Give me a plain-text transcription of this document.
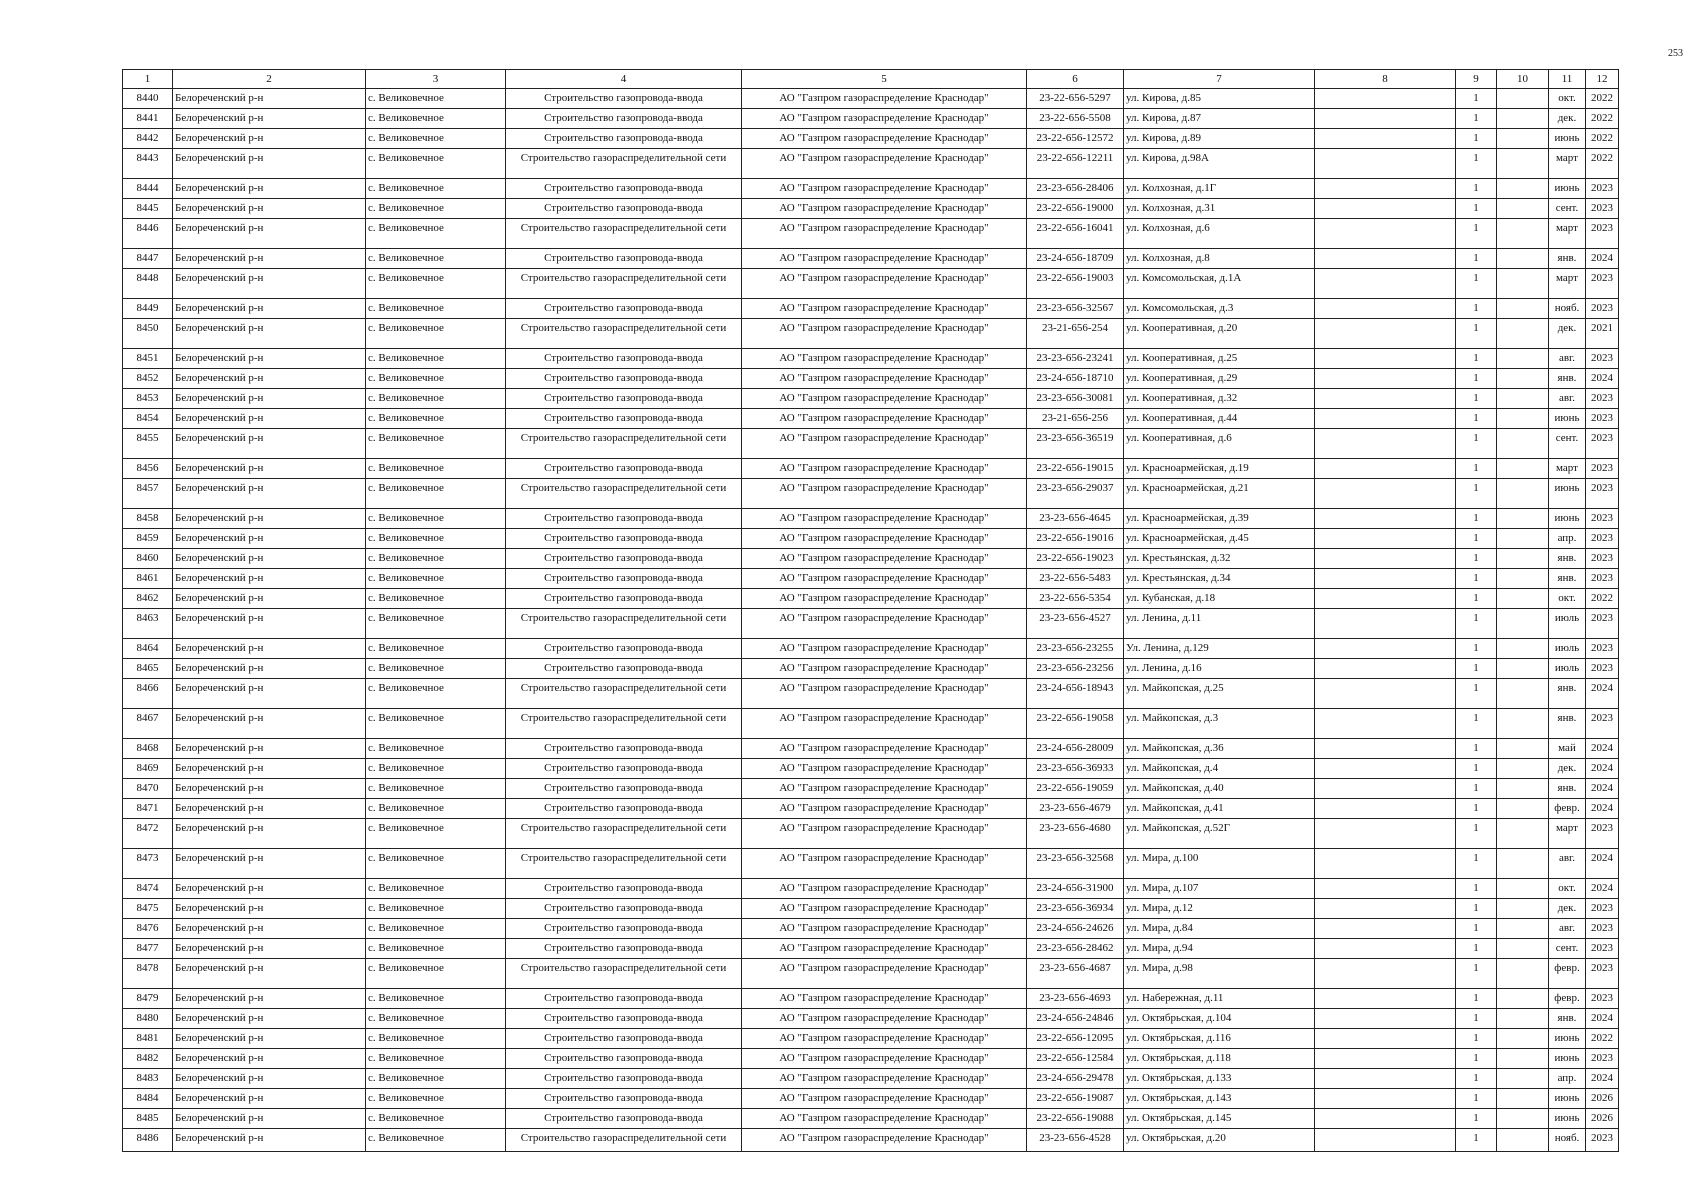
253
1	2	3	4	5	6	7	8	9	10	11	12
8440	Белореченский р-н	с. Великовечное	Строительство газопровода-ввода	АО "Газпром газораспределение Краснодар"	23-22-656-5297	ул. Кирова, д.85		1		окт.	2022
8441	Белореченский р-н	с. Великовечное	Строительство газопровода-ввода	АО "Газпром газораспределение Краснодар"	23-22-656-5508	ул. Кирова, д.87		1		дек.	2022
8442	Белореченский р-н	с. Великовечное	Строительство газопровода-ввода	АО "Газпром газораспределение Краснодар"	23-22-656-12572	ул. Кирова, д.89		1		июнь	2022
8443	Белореченский р-н	с. Великовечное	Строительство газораспределительной сети	АО "Газпром газораспределение Краснодар"	23-22-656-12211	ул. Кирова, д.98А		1		март	2022
8444	Белореченский р-н	с. Великовечное	Строительство газопровода-ввода	АО "Газпром газораспределение Краснодар"	23-23-656-28406	ул. Колхозная, д.1Г		1		июнь	2023
8445	Белореченский р-н	с. Великовечное	Строительство газопровода-ввода	АО "Газпром газораспределение Краснодар"	23-22-656-19000	ул. Колхозная, д.31		1		сент.	2023
8446	Белореченский р-н	с. Великовечное	Строительство газораспределительной сети	АО "Газпром газораспределение Краснодар"	23-22-656-16041	ул. Колхозная, д.6		1		март	2023
8447	Белореченский р-н	с. Великовечное	Строительство газопровода-ввода	АО "Газпром газораспределение Краснодар"	23-24-656-18709	ул. Колхозная, д.8		1		янв.	2024
8448	Белореченский р-н	с. Великовечное	Строительство газораспределительной сети	АО "Газпром газораспределение Краснодар"	23-22-656-19003	ул. Комсомольская, д.1А		1		март	2023
8449	Белореченский р-н	с. Великовечное	Строительство газопровода-ввода	АО "Газпром газораспределение Краснодар"	23-23-656-32567	ул. Комсомольская, д.3		1		нояб.	2023
8450	Белореченский р-н	с. Великовечное	Строительство газораспределительной сети	АО "Газпром газораспределение Краснодар"	23-21-656-254	ул. Кооперативная, д.20		1		дек.	2021
8451	Белореченский р-н	с. Великовечное	Строительство газопровода-ввода	АО "Газпром газораспределение Краснодар"	23-23-656-23241	ул. Кооперативная, д.25		1		авг.	2023
8452	Белореченский р-н	с. Великовечное	Строительство газопровода-ввода	АО "Газпром газораспределение Краснодар"	23-24-656-18710	ул. Кооперативная, д.29		1		янв.	2024
8453	Белореченский р-н	с. Великовечное	Строительство газопровода-ввода	АО "Газпром газораспределение Краснодар"	23-23-656-30081	ул. Кооперативная, д.32		1		авг.	2023
8454	Белореченский р-н	с. Великовечное	Строительство газопровода-ввода	АО "Газпром газораспределение Краснодар"	23-21-656-256	ул. Кооперативная, д.44		1		июнь	2023
8455	Белореченский р-н	с. Великовечное	Строительство газораспределительной сети	АО "Газпром газораспределение Краснодар"	23-23-656-36519	ул. Кооперативная, д.6		1		сент.	2023
8456	Белореченский р-н	с. Великовечное	Строительство газопровода-ввода	АО "Газпром газораспределение Краснодар"	23-22-656-19015	ул. Красноармейская, д.19		1		март	2023
8457	Белореченский р-н	с. Великовечное	Строительство газораспределительной сети	АО "Газпром газораспределение Краснодар"	23-23-656-29037	ул. Красноармейская, д.21		1		июнь	2023
8458	Белореченский р-н	с. Великовечное	Строительство газопровода-ввода	АО "Газпром газораспределение Краснодар"	23-23-656-4645	ул. Красноармейская, д.39		1		июнь	2023
8459	Белореченский р-н	с. Великовечное	Строительство газопровода-ввода	АО "Газпром газораспределение Краснодар"	23-22-656-19016	ул. Красноармейская, д.45		1		апр.	2023
8460	Белореченский р-н	с. Великовечное	Строительство газопровода-ввода	АО "Газпром газораспределение Краснодар"	23-22-656-19023	ул. Крестьянская, д.32		1		янв.	2023
8461	Белореченский р-н	с. Великовечное	Строительство газопровода-ввода	АО "Газпром газораспределение Краснодар"	23-22-656-5483	ул. Крестьянская, д.34		1		янв.	2023
8462	Белореченский р-н	с. Великовечное	Строительство газопровода-ввода	АО "Газпром газораспределение Краснодар"	23-22-656-5354	ул. Кубанская, д.18		1		окт.	2022
8463	Белореченский р-н	с. Великовечное	Строительство газораспределительной сети	АО "Газпром газораспределение Краснодар"	23-23-656-4527	ул. Ленина, д.11		1		июль	2023
8464	Белореченский р-н	с. Великовечное	Строительство газопровода-ввода	АО "Газпром газораспределение Краснодар"	23-23-656-23255	Ул. Ленина, д.129		1		июль	2023
8465	Белореченский р-н	с. Великовечное	Строительство газопровода-ввода	АО "Газпром газораспределение Краснодар"	23-23-656-23256	ул. Ленина, д.16		1		июль	2023
8466	Белореченский р-н	с. Великовечное	Строительство газораспределительной сети	АО "Газпром газораспределение Краснодар"	23-24-656-18943	ул. Майкопская, д.25		1		янв.	2024
8467	Белореченский р-н	с. Великовечное	Строительство газораспределительной сети	АО "Газпром газораспределение Краснодар"	23-22-656-19058	ул. Майкопская, д.3		1		янв.	2023
8468	Белореченский р-н	с. Великовечное	Строительство газопровода-ввода	АО "Газпром газораспределение Краснодар"	23-24-656-28009	ул. Майкопская, д.36		1		май	2024
8469	Белореченский р-н	с. Великовечное	Строительство газопровода-ввода	АО "Газпром газораспределение Краснодар"	23-23-656-36933	ул. Майкопская, д.4		1		дек.	2024
8470	Белореченский р-н	с. Великовечное	Строительство газопровода-ввода	АО "Газпром газораспределение Краснодар"	23-22-656-19059	ул. Майкопская, д.40		1		янв.	2024
8471	Белореченский р-н	с. Великовечное	Строительство газопровода-ввода	АО "Газпром газораспределение Краснодар"	23-23-656-4679	ул. Майкопская, д.41		1		февр.	2024
8472	Белореченский р-н	с. Великовечное	Строительство газораспределительной сети	АО "Газпром газораспределение Краснодар"	23-23-656-4680	ул. Майкопская, д.52Г		1		март	2023
8473	Белореченский р-н	с. Великовечное	Строительство газораспределительной сети	АО "Газпром газораспределение Краснодар"	23-23-656-32568	ул. Мира, д.100		1		авг.	2024
8474	Белореченский р-н	с. Великовечное	Строительство газопровода-ввода	АО "Газпром газораспределение Краснодар"	23-24-656-31900	ул. Мира, д.107		1		окт.	2024
8475	Белореченский р-н	с. Великовечное	Строительство газопровода-ввода	АО "Газпром газораспределение Краснодар"	23-23-656-36934	ул. Мира, д.12		1		дек.	2023
8476	Белореченский р-н	с. Великовечное	Строительство газопровода-ввода	АО "Газпром газораспределение Краснодар"	23-24-656-24626	ул. Мира, д.84		1		авг.	2023
8477	Белореченский р-н	с. Великовечное	Строительство газопровода-ввода	АО "Газпром газораспределение Краснодар"	23-23-656-28462	ул. Мира, д.94		1		сент.	2023
8478	Белореченский р-н	с. Великовечное	Строительство газораспределительной сети	АО "Газпром газораспределение Краснодар"	23-23-656-4687	ул. Мира, д.98		1		февр.	2023
8479	Белореченский р-н	с. Великовечное	Строительство газопровода-ввода	АО "Газпром газораспределение Краснодар"	23-23-656-4693	ул. Набережная, д.11		1		февр.	2023
8480	Белореченский р-н	с. Великовечное	Строительство газопровода-ввода	АО "Газпром газораспределение Краснодар"	23-24-656-24846	ул. Октябрьская, д.104		1		янв.	2024
8481	Белореченский р-н	с. Великовечное	Строительство газопровода-ввода	АО "Газпром газораспределение Краснодар"	23-22-656-12095	ул. Октябрьская, д.116		1		июнь	2022
8482	Белореченский р-н	с. Великовечное	Строительство газопровода-ввода	АО "Газпром газораспределение Краснодар"	23-22-656-12584	ул. Октябрьская, д.118		1		июнь	2023
8483	Белореченский р-н	с. Великовечное	Строительство газопровода-ввода	АО "Газпром газораспределение Краснодар"	23-24-656-29478	ул. Октябрьская, д.133		1		апр.	2024
8484	Белореченский р-н	с. Великовечное	Строительство газопровода-ввода	АО "Газпром газораспределение Краснодар"	23-22-656-19087	ул. Октябрьская, д.143		1		июнь	2026
8485	Белореченский р-н	с. Великовечное	Строительство газопровода-ввода	АО "Газпром газораспределение Краснодар"	23-22-656-19088	ул. Октябрьская, д.145		1		июнь	2026
8486	Белореченский р-н	с. Великовечное	Строительство газораспределительной сети	АО "Газпром газораспределение Краснодар"	23-23-656-4528	ул. Октябрьская, д.20		1		нояб.	2023
